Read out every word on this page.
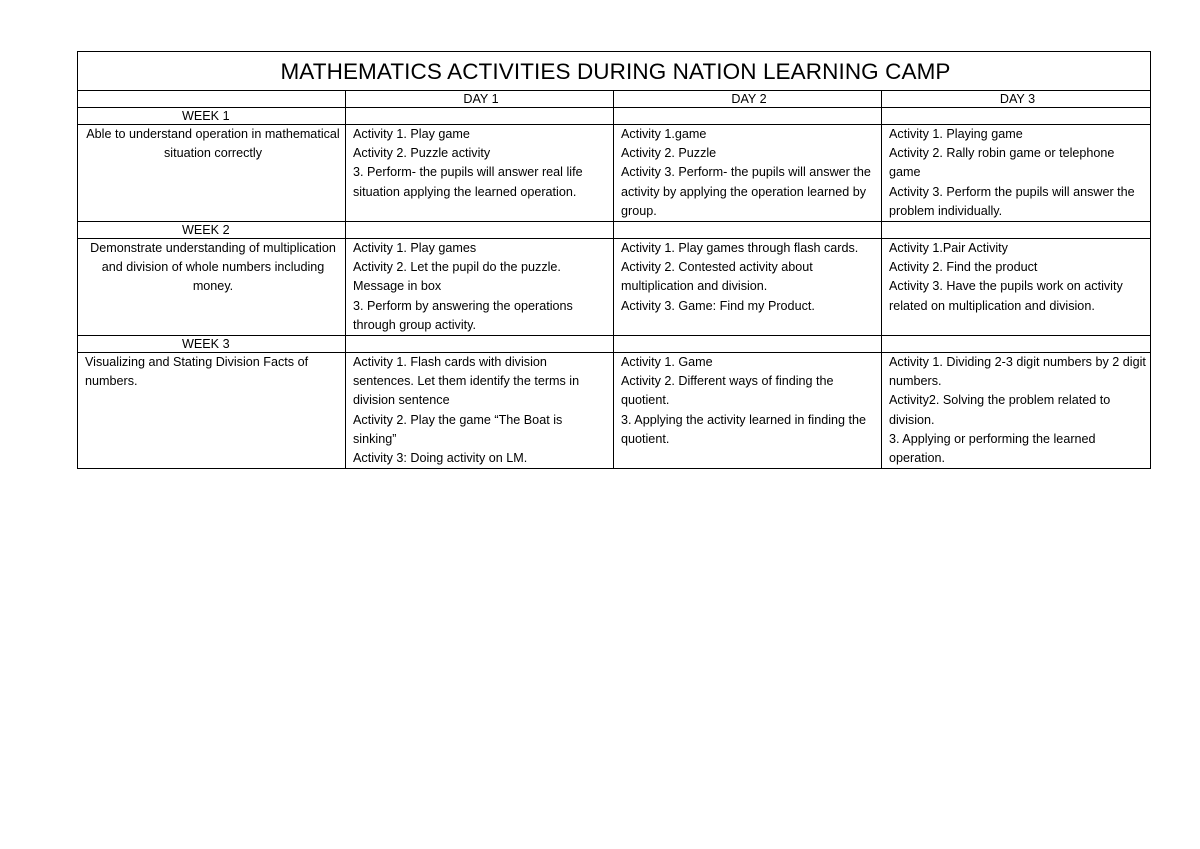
MATHEMATICS ACTIVITIES DURING NATION LEARNING CAMP			
	DAY 1	DAY 2	DAY 3
WEEK 1			
Able to understand operation in mathematical situation correctly	Activity 1. Play game
Activity 2. Puzzle activity
3. Perform- the pupils will answer real life situation applying the learned operation.	Activity 1.game
Activity 2. Puzzle
Activity 3. Perform- the pupils will answer the activity by applying the operation learned by group.	Activity 1. Playing game
Activity 2. Rally robin game or telephone game
Activity 3. Perform the pupils will answer the problem individually.

WEEK 2			
Demonstrate understanding of multiplication and division of whole numbers including money.	Activity 1. Play games
Activity 2. Let the pupil do the puzzle. Message in box
3. Perform by answering the operations through group activity.	Activity 1. Play games through flash cards.
Activity 2. Contested activity about multiplication and division.
Activity 3. Game: Find my Product.	Activity 1.Pair Activity
Activity 2. Find the product
Activity 3. Have the pupils work on activity related on multiplication and division.

WEEK 3			
Visualizing and Stating Division Facts of numbers.	Activity 1. Flash cards with division sentences. Let them identify the terms in division sentence
Activity 2. Play the game “The Boat is sinking”
Activity 3: Doing activity on LM.	Activity 1. Game
Activity 2. Different ways of finding the quotient.
3. Applying the activity learned in finding the quotient.	Activity 1. Dividing 2-3 digit numbers by 2 digit numbers.
Activity2. Solving the problem related to division.
3. Applying or performing the learned operation.
